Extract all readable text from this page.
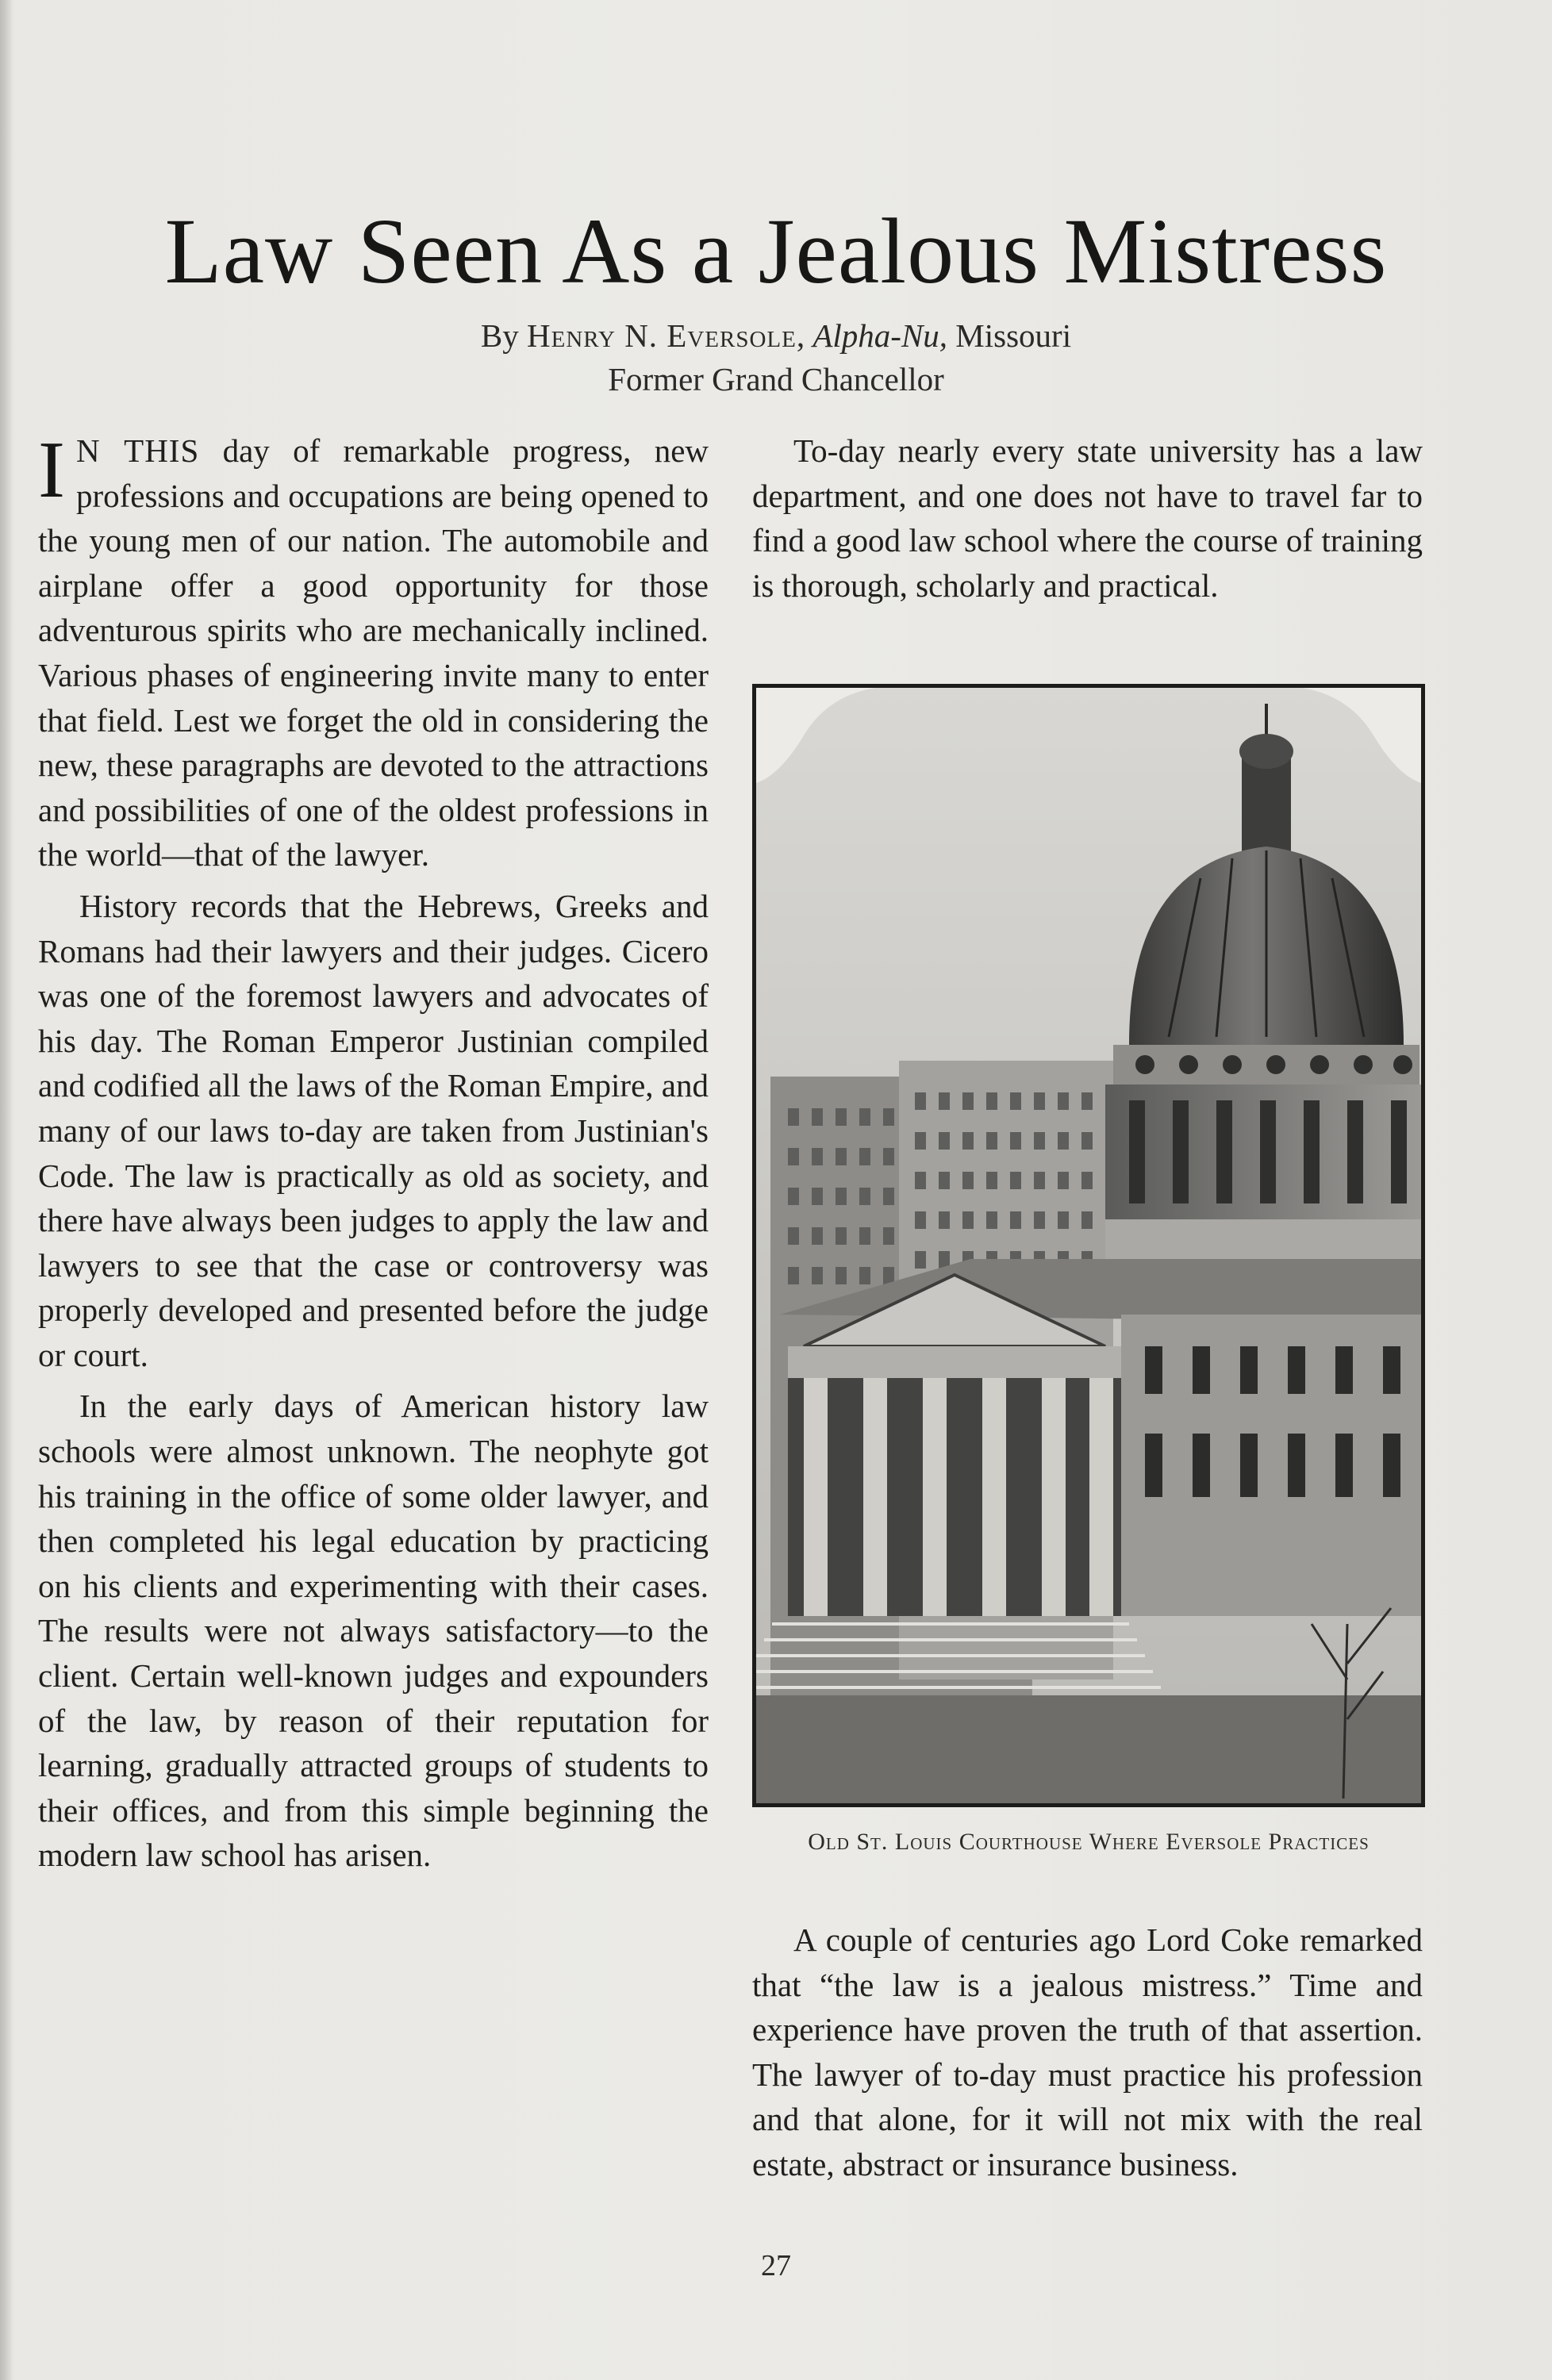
Law Seen As a Jealous Mistress
By Henry N. Eversole, Alpha-Nu, Missouri
Former Grand Chancellor

I N THIS day of remarkable progress, new professions and occupations are being opened to the young men of our nation. The automobile and airplane offer a good opportunity for those adventurous spirits who are mechanically inclined. Various phases of engineering invite many to enter that field. Lest we forget the old in considering the new, these paragraphs are devoted to the attractions and possibilities of one of the oldest professions in the world—that of the lawyer.

History records that the Hebrews, Greeks and Romans had their lawyers and their judges. Cicero was one of the foremost lawyers and advocates of his day. The Roman Emperor Justinian compiled and codified all the laws of the Roman Empire, and many of our laws to-day are taken from Justinian's Code. The law is practically as old as society, and there have always been judges to apply the law and lawyers to see that the case or controversy was properly developed and presented before the judge or court.

In the early days of American history law schools were almost unknown. The neophyte got his training in the office of some older lawyer, and then completed his legal education by practicing on his clients and experimenting with their cases. The results were not always satisfactory—to the client. Certain well-known judges and expounders of the law, by reason of their reputation for learning, gradually attracted groups of students to their offices, and from this simple beginning the modern law school has arisen.

To-day nearly every state university has a law department, and one does not have to travel far to find a good law school where the course of training is thorough, scholarly and practical.

Old St. Louis Courthouse Where Eversole Practices

A couple of centuries ago Lord Coke remarked that “the law is a jealous mistress.” Time and experience have proven the truth of that assertion. The lawyer of to-day must practice his profession and that alone, for it will not mix with the real estate, abstract or insurance business.

27
